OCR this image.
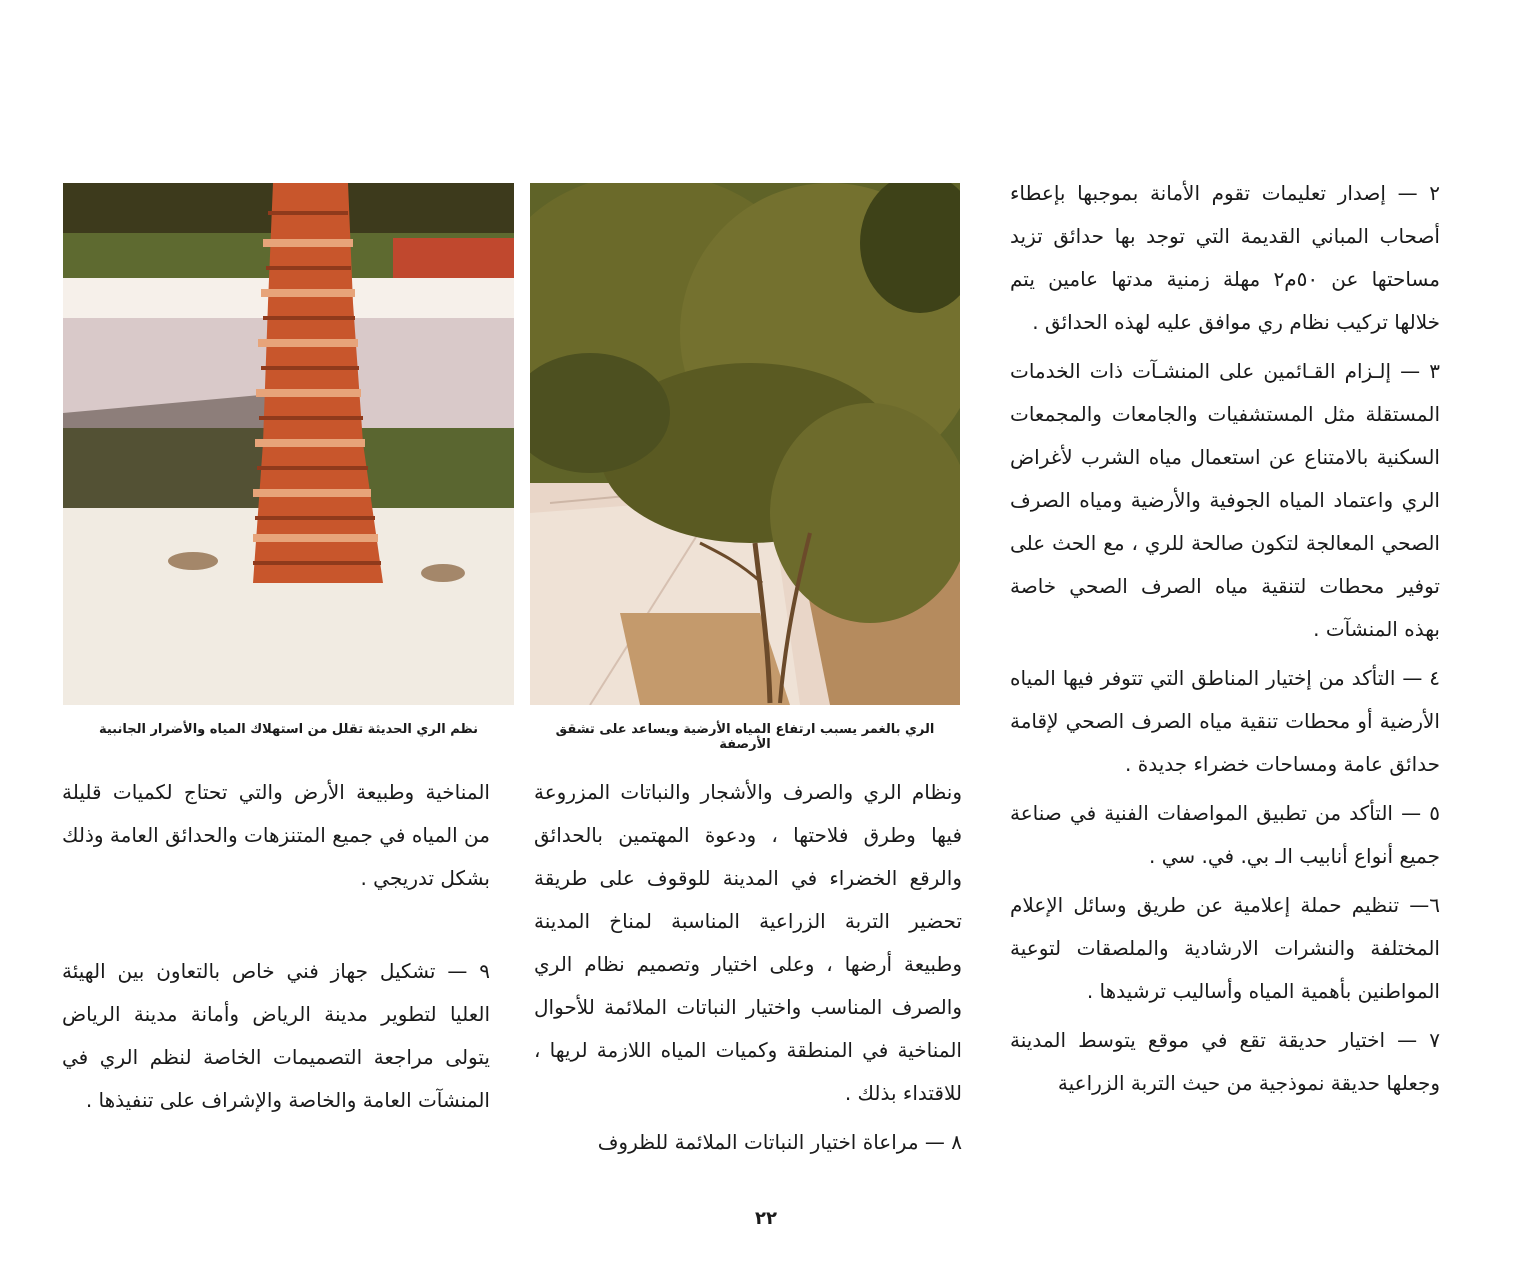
٢ — إصدار تعليمات تقوم الأمانة بموجبها بإعطاء أصحاب المباني القديمة التي توجد بها حدائق تزيد مساحتها عن ٥٠م٢ مهلة زمنية مدتها عامين يتم خلالها تركيب نظام ري موافق عليه لهذه الحدائق .

٣ — إلـزام القـائمين على المنشـآت ذات الخدمات المستقلة مثل المستشفيات والجامعات والمجمعات السكنية بالامتناع عن استعمال مياه الشرب لأغراض الري واعتماد المياه الجوفية والأرضية ومياه الصرف الصحي المعالجة لتكون صالحة للري ، مع الحث على توفير محطات لتنقية مياه الصرف الصحي خاصة بهذه المنشآت .

٤ — التأكد من إختيار المناطق التي تتوفر فيها المياه الأرضية أو محطات تنقية مياه الصرف الصحي لإقامة حدائق عامة ومساحات خضراء جديدة .

٥ — التأكد من تطبيق المواصفات الفنية في صناعة جميع أنواع أنابيب الـ بي. في. سي .

٦— تنظيم حملة إعلامية عن طريق وسائل الإعلام المختلفة والنشرات الارشادية والملصقات لتوعية المواطنين بأهمية المياه وأساليب ترشيدها .

٧ — اختيار حديقة تقع في موقع يتوسط المدينة وجعلها حديقة نموذجية من حيث التربة الزراعية

نظم الري الحديثة تقلل من استهلاك المياه والأضرار الجانبية	الري بالغمر يسبب ارتفاع المياه الأرضية ويساعد على تشقق الأرصفة

ونظام الري والصرف والأشجار والنباتات المزروعة فيها وطرق فلاحتها ، ودعوة المهتمين بالحدائق والرقع الخضراء في المدينة للوقوف على طريقة تحضير التربة الزراعية المناسبة لمناخ المدينة وطبيعة أرضها ، وعلى اختيار وتصميم نظام الري والصرف المناسب واختيار النباتات الملائمة للأحوال المناخية في المنطقة وكميات المياه اللازمة لريها ، للاقتداء بذلك .

٨ — مراعاة اختيار النباتات الملائمة للظروف

المناخية وطبيعة الأرض والتي تحتاج لكميات قليلة من المياه في جميع المتنزهات والحدائق العامة وذلك بشكل تدريجي .

٩ — تشكيل جهاز فني خاص بالتعاون بين الهيئة العليا لتطوير مدينة الرياض وأمانة مدينة الرياض يتولى مراجعة التصميمات الخاصة لنظم الري في المنشآت العامة والخاصة والإشراف على تنفيذها .

٢٢
